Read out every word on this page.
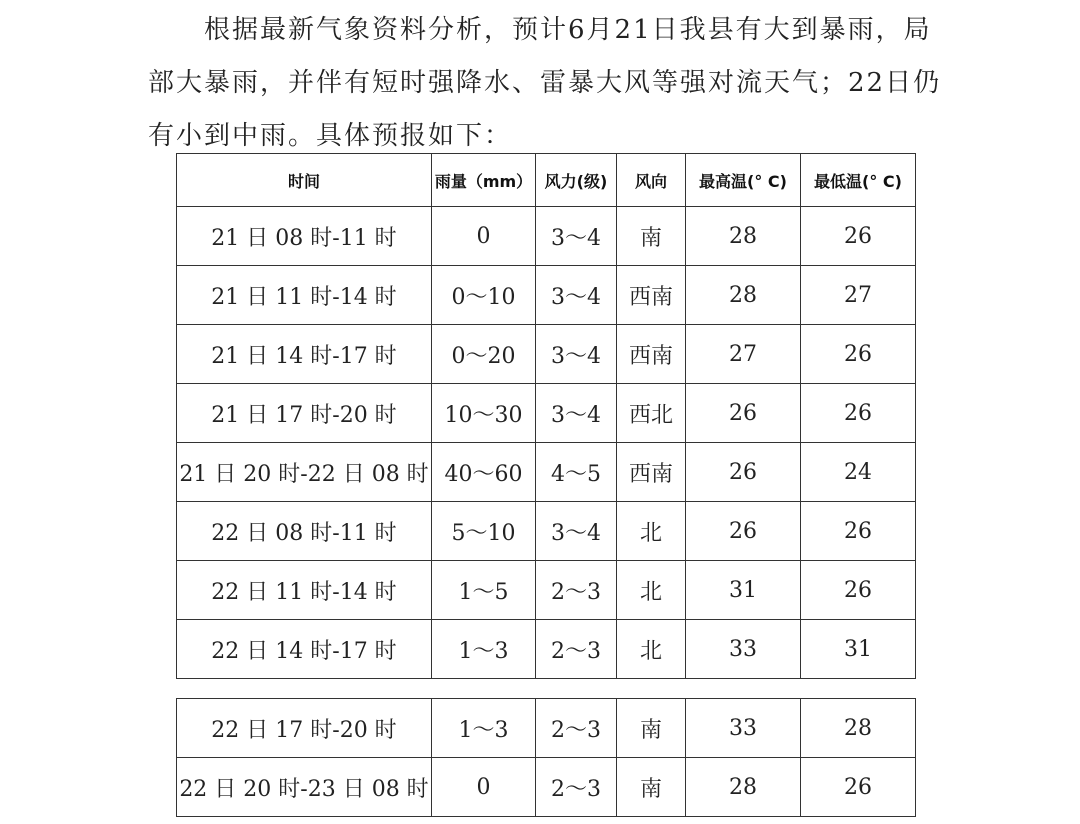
根据最新气象资料分析，预计6月21日我县有大到暴雨，局部大暴雨，并伴有短时强降水、雷暴大风等强对流天气；22日仍有小到中雨。具体预报如下：

时间	雨量（mm）	风力(级)	风向	最高温(° C)	最低温(° C)
21 日 08 时-11 时	0	3～4	南	28	26
21 日 11 时-14 时	0～10	3～4	西南	28	27
21 日 14 时-17 时	0～20	3～4	西南	27	26
21 日 17 时-20 时	10～30	3～4	西北	26	26
21 日 20 时-22 日 08 时	40～60	4～5	西南	26	24
22 日 08 时-11 时	5～10	3～4	北	26	26
22 日 11 时-14 时	1～5	2～3	北	31	26
22 日 14 时-17 时	1～3	2～3	北	33	31
22 日 17 时-20 时	1～3	2～3	南	33	28
22 日 20 时-23 日 08 时	0	2～3	南	28	26
